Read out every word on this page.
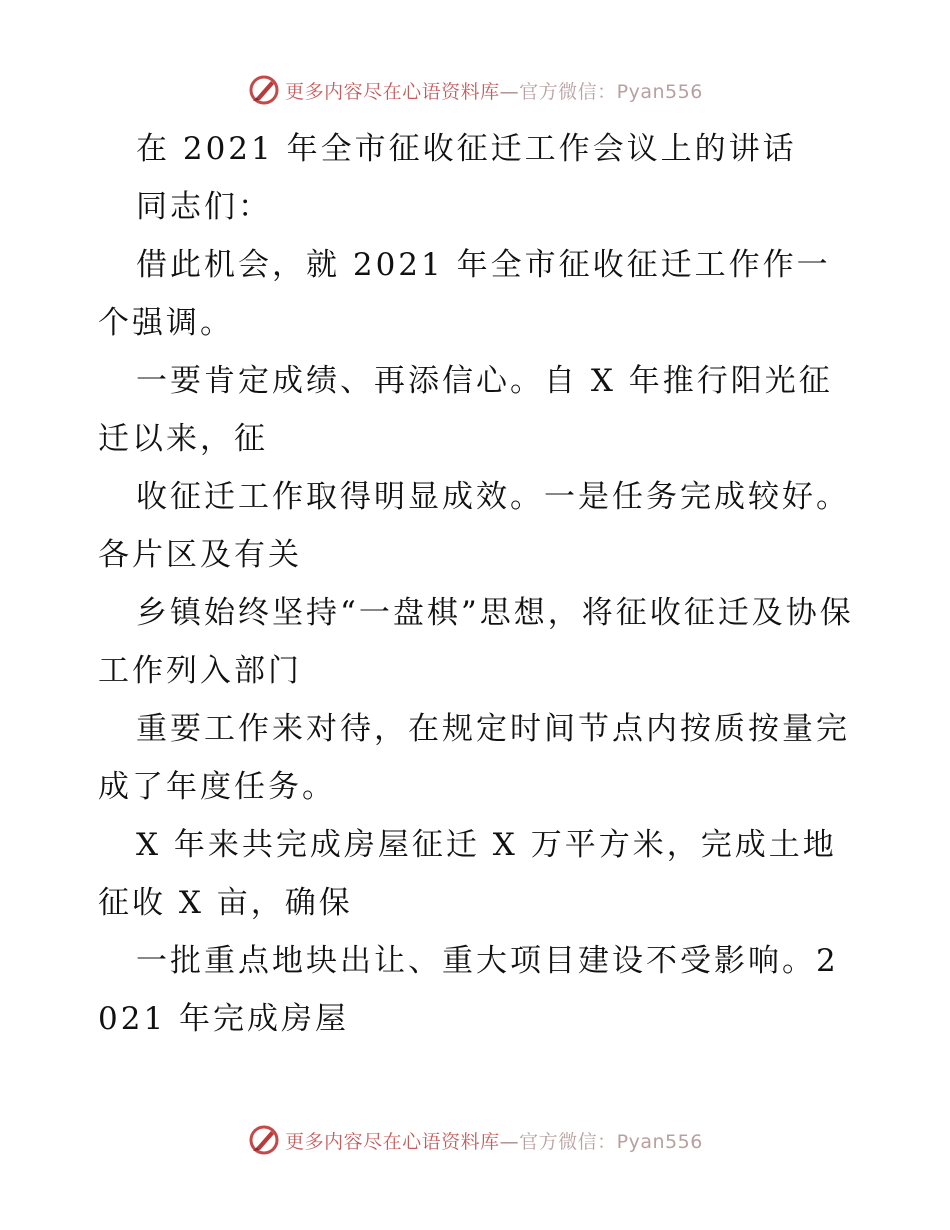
更多内容尽在心语资料库—官方微信：Pyan556

在 2021 年全市征收征迁工作会议上的讲话

同志们：

借此机会，就 2021 年全市征收征迁工作作一个强调。

一要肯定成绩、再添信心。自 X 年推行阳光征迁以来，征

收征迁工作取得明显成效。一是任务完成较好。各片区及有关

乡镇始终坚持“一盘棋”思想，将征收征迁及协保工作列入部门

重要工作来对待，在规定时间节点内按质按量完成了年度任务。

X 年来共完成房屋征迁 X 万平方米，完成土地征收 X 亩，确保

一批重点地块出让、重大项目建设不受影响。2021 年完成房屋

更多内容尽在心语资料库—官方微信：Pyan556
